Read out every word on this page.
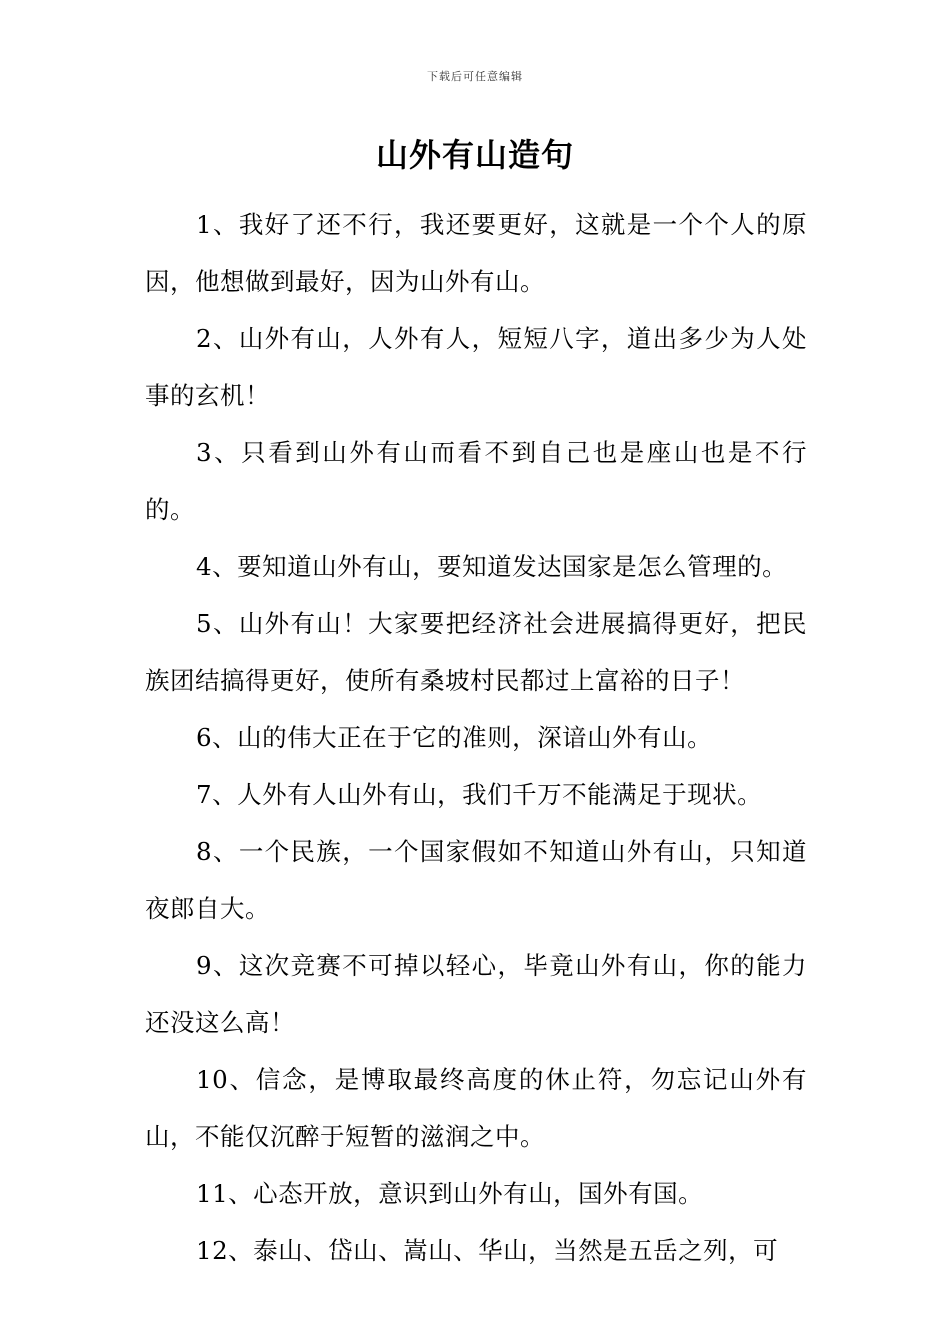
下载后可任意编辑
山外有山造句

1、我好了还不行，我还要更好，这就是一个个人的原因，他想做到最好，因为山外有山。

2、山外有山，人外有人，短短八字，道出多少为人处事的玄机！

3、只看到山外有山而看不到自己也是座山也是不行的。

4、要知道山外有山，要知道发达国家是怎么管理的。

5、山外有山！大家要把经济社会进展搞得更好，把民族团结搞得更好，使所有桑坡村民都过上富裕的日子！

6、山的伟大正在于它的准则，深谙山外有山。

7、人外有人山外有山，我们千万不能满足于现状。

8、一个民族，一个国家假如不知道山外有山，只知道夜郎自大。

9、这次竞赛不可掉以轻心，毕竟山外有山，你的能力还没这么高！

10、信念，是博取最终高度的休止符，勿忘记山外有山，不能仅沉醉于短暂的滋润之中。

11、心态开放，意识到山外有山，国外有国。

12、泰山、岱山、嵩山、华山，当然是五岳之列，可
